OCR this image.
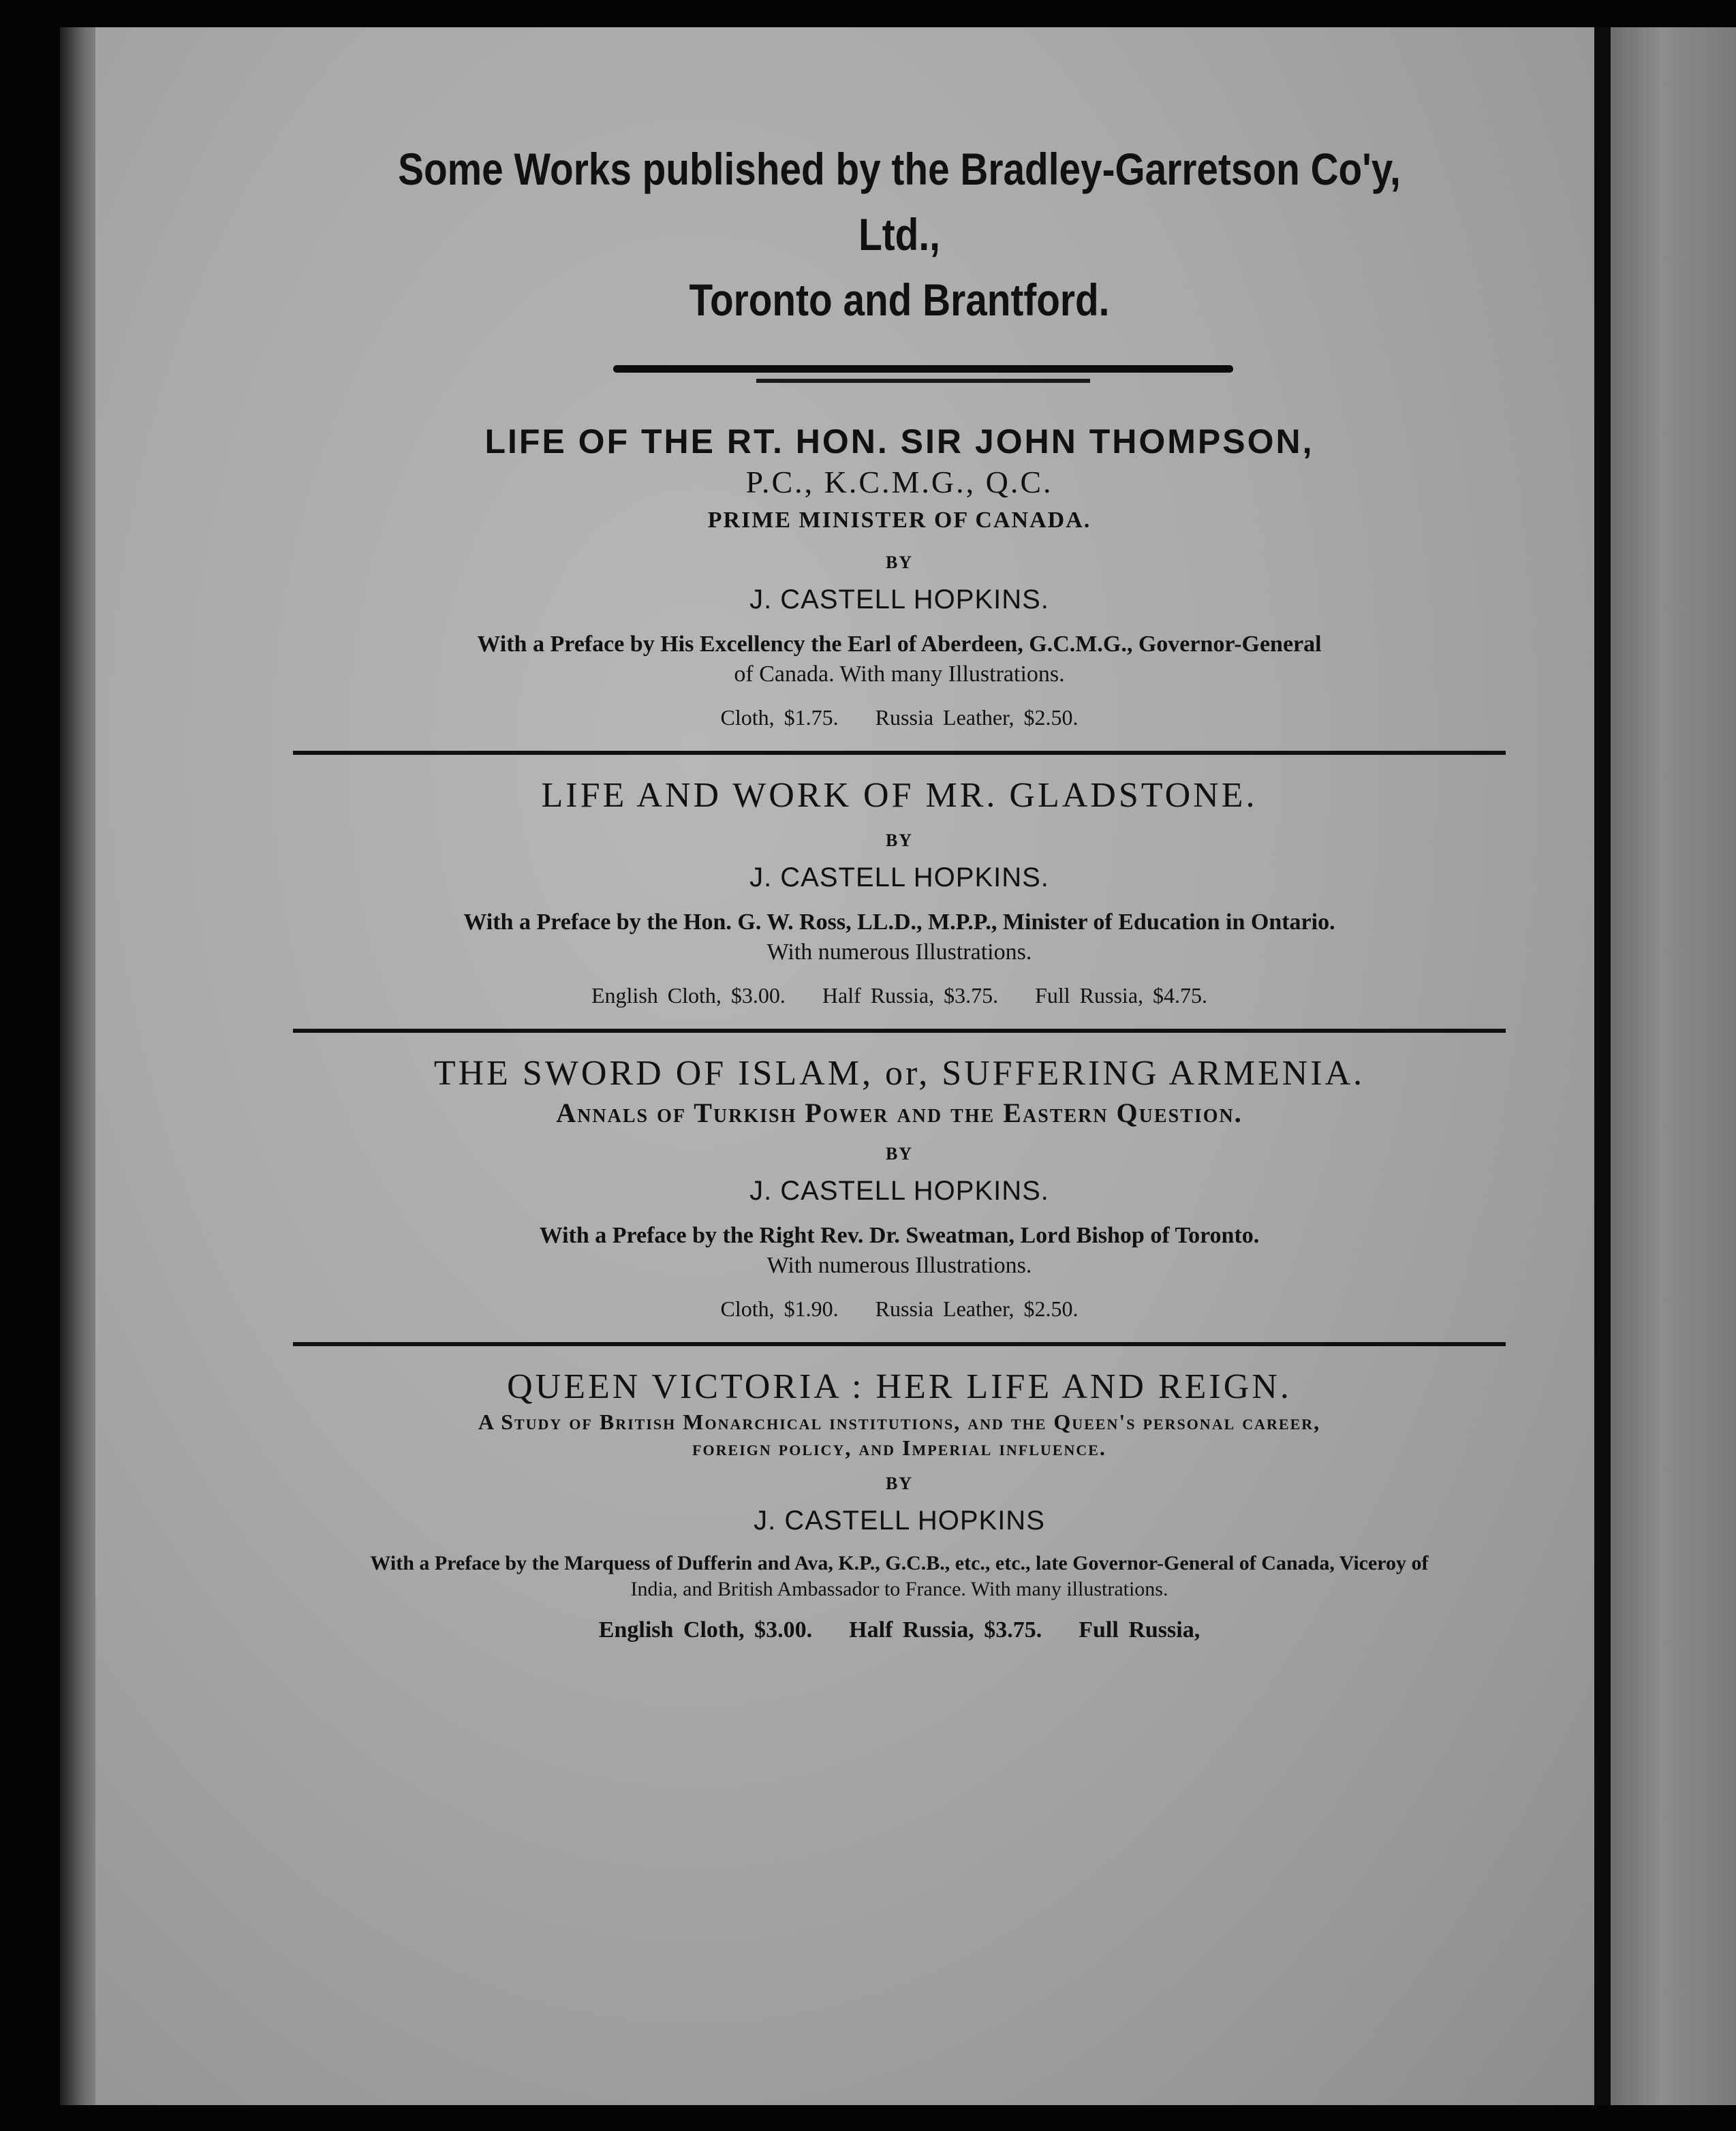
Some Works published by the Bradley-Garretson Co'y, Ltd.,
Toronto and Brantford.
LIFE OF THE RT. HON. SIR JOHN THOMPSON,
P.C., K.C.M.G., Q.C.
PRIME MINISTER OF CANADA.
BY
J. CASTELL HOPKINS.
With a Preface by His Excellency the Earl of Aberdeen, G.C.M.G., Governor-General
of Canada. With many Illustrations.
Cloth, $1.75. Russia Leather, $2.50.
LIFE AND WORK OF MR. GLADSTONE.
BY
J. CASTELL HOPKINS.
With a Preface by the Hon. G. W. Ross, LL.D., M.P.P., Minister of Education in Ontario.
With numerous Illustrations.
English Cloth, $3.00. Half Russia, $3.75. Full Russia, $4.75.
THE SWORD OF ISLAM, or, SUFFERING ARMENIA.
Annals of Turkish Power and the Eastern Question.
BY
J. CASTELL HOPKINS.
With a Preface by the Right Rev. Dr. Sweatman, Lord Bishop of Toronto.
With numerous Illustrations.
Cloth, $1.90. Russia Leather, $2.50.
QUEEN VICTORIA : HER LIFE AND REIGN.
A Study of British Monarchical institutions, and the Queen's personal career,
foreign policy, and Imperial influence.
BY
J. CASTELL HOPKINS
With a Preface by the Marquess of Dufferin and Ava, K.P., G.C.B., etc., etc., late Governor-General of Canada, Viceroy of
India, and British Ambassador to France. With many illustrations.
English Cloth, $3.00. Half Russia, $3.75. Full Russia,
